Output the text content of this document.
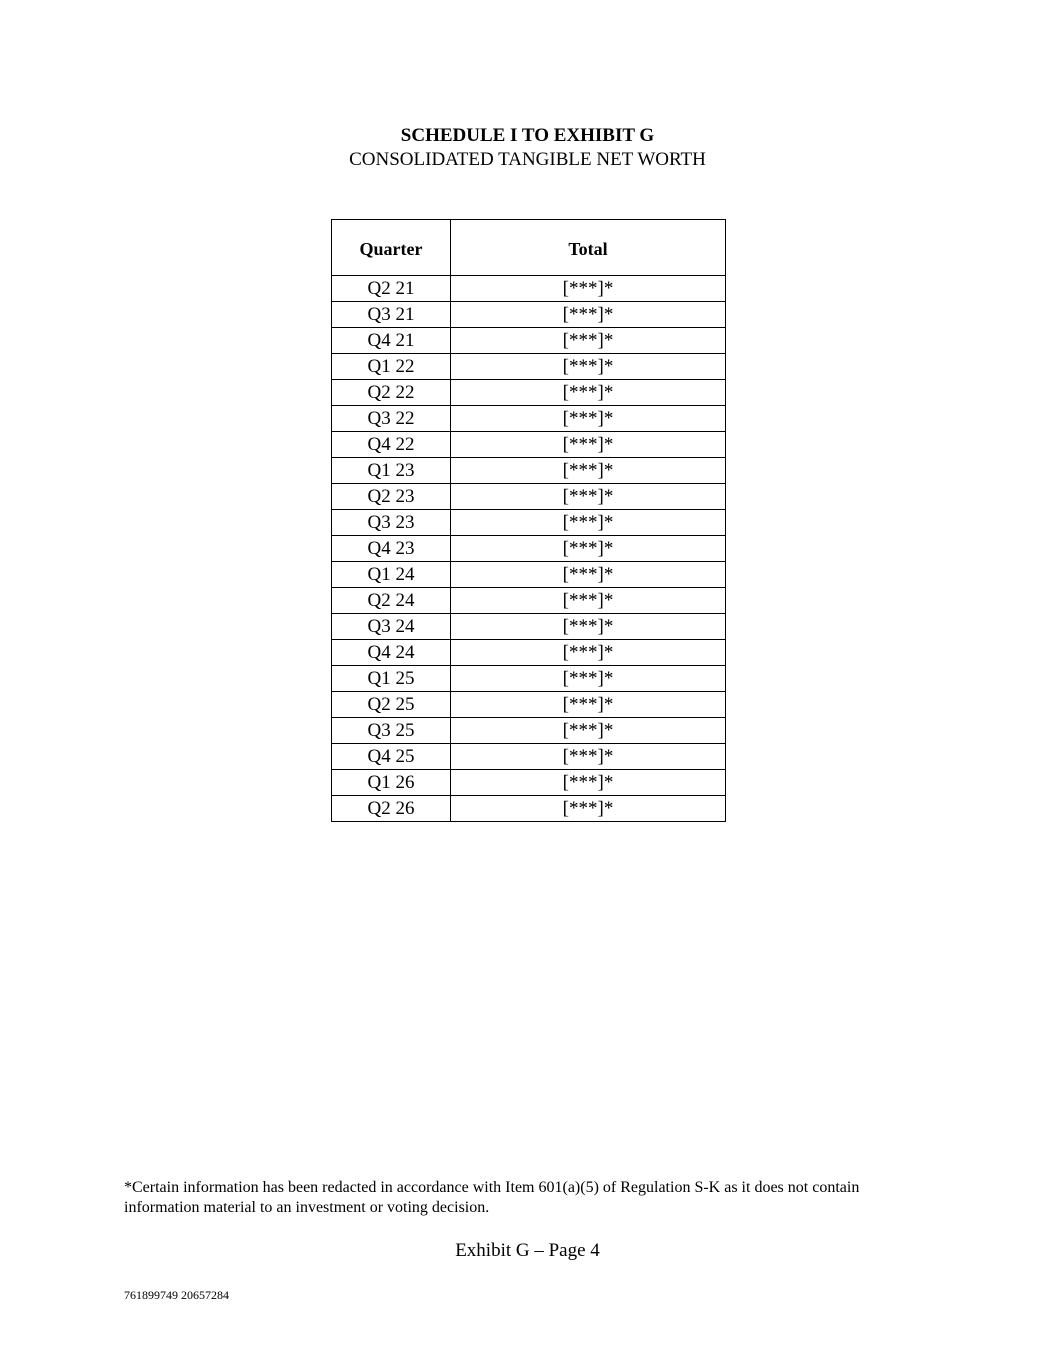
SCHEDULE I TO EXHIBIT G
CONSOLIDATED TANGIBLE NET WORTH
Quarter	Total
Q2 21	[***]*
Q3 21	[***]*
Q4 21	[***]*
Q1 22	[***]*
Q2 22	[***]*
Q3 22	[***]*
Q4 22	[***]*
Q1 23	[***]*
Q2 23	[***]*
Q3 23	[***]*
Q4 23	[***]*
Q1 24	[***]*
Q2 24	[***]*
Q3 24	[***]*
Q4 24	[***]*
Q1 25	[***]*
Q2 25	[***]*
Q3 25	[***]*
Q4 25	[***]*
Q1 26	[***]*
Q2 26	[***]*
*Certain information has been redacted in accordance with Item 601(a)(5) of Regulation S-K as it does not contain information material to an investment or voting decision.
Exhibit G – Page 4
761899749 20657284
